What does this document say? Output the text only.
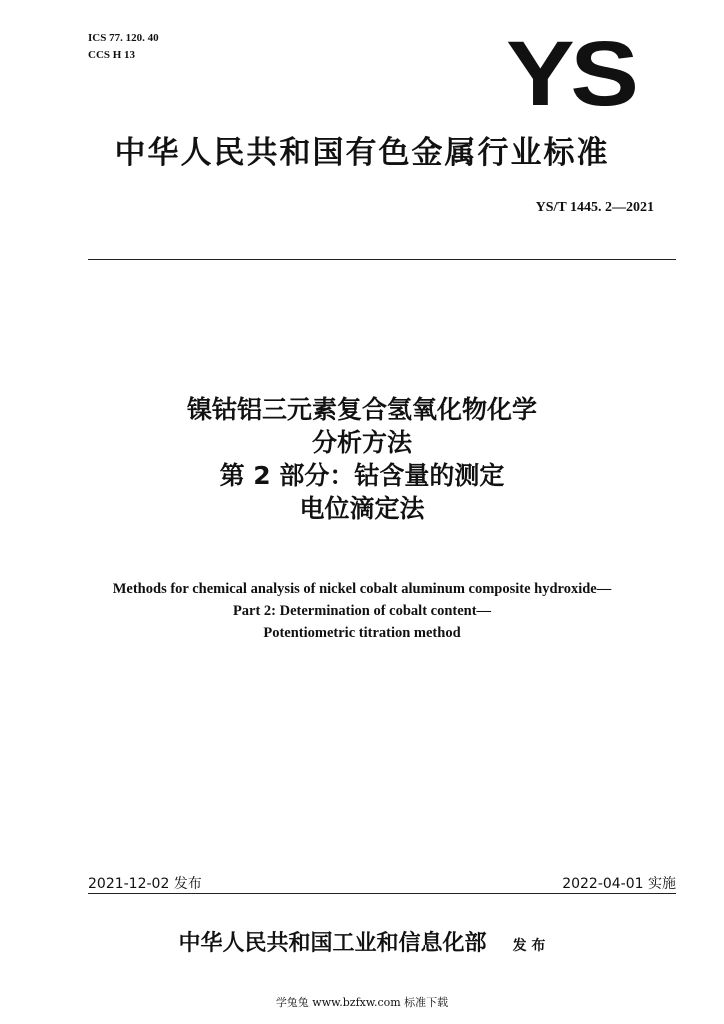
ICS 77. 120. 40
CCS H 13	YS
中华人民共和国有色金属行业标准
YS/T 1445. 2—2021
镍钴铝三元素复合氢氧化物化学
分析方法
第 2 部分：钴含量的测定
电位滴定法
Methods for chemical analysis of nickel cobalt aluminum composite hydroxide—
Part 2: Determination of cobalt content—
Potentiometric titration method
2021-12-02 发布	2022-04-01 实施
中华人民共和国工业和信息化部 发 布
学兔兔 www.bzfxw.com 标准下载
